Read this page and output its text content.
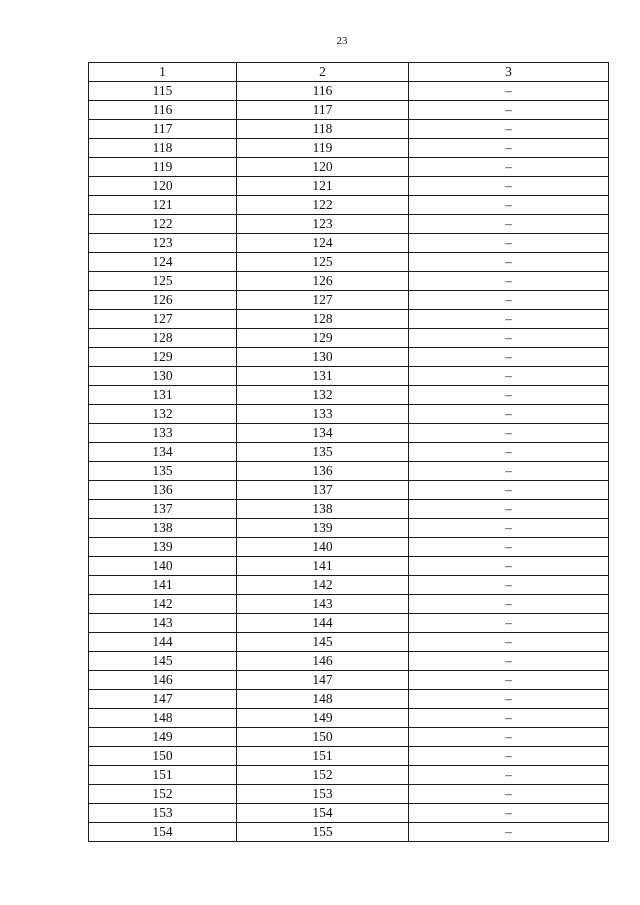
23
1	2	3
115	116	–
116	117	–
117	118	–
118	119	–
119	120	–
120	121	–
121	122	–
122	123	–
123	124	–
124	125	–
125	126	–
126	127	–
127	128	–
128	129	–
129	130	–
130	131	–
131	132	–
132	133	–
133	134	–
134	135	–
135	136	–
136	137	–
137	138	–
138	139	–
139	140	–
140	141	–
141	142	–
142	143	–
143	144	–
144	145	–
145	146	–
146	147	–
147	148	–
148	149	–
149	150	–
150	151	–
151	152	–
152	153	–
153	154	–
154	155	–
